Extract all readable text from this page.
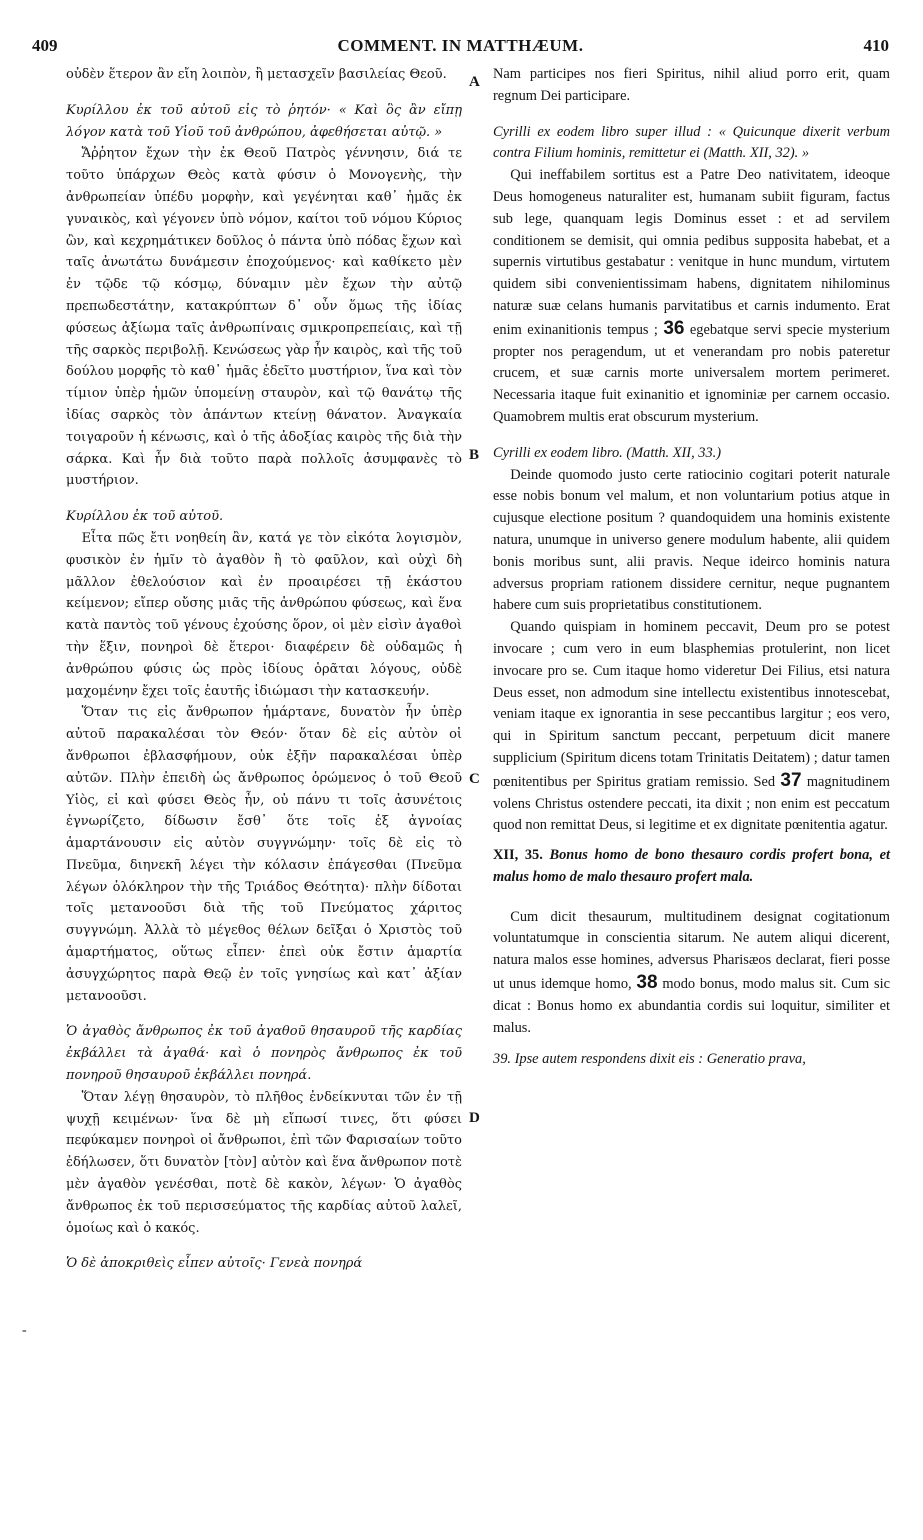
409	COMMENT. IN MATTHÆUM.	410

οὐδὲν ἕτερον ἂν εἴη λοιπὸν, ἢ μετασχεῖν βασιλείας Θεοῦ.

Κυρίλλου ἐκ τοῦ αὐτοῦ εἰς τὸ ῥητόν· « Καὶ ὃς ἂν εἴπῃ λόγον κατὰ τοῦ Υἱοῦ τοῦ ἀνθρώπου, ἀφεθήσεται αὐτῷ. »

Ἄῤῥητον ἔχων τὴν ἐκ Θεοῦ Πατρὸς γέννησιν, διά τε τοῦτο ὑπάρχων Θεὸς κατὰ φύσιν ὁ Μονογενὴς, τὴν ἀνθρωπείαν ὑπέδυ μορφὴν, καὶ γεγένηται καθ᾽ ἡμᾶς ἐκ γυναικὸς, καὶ γέγονεν ὑπὸ νόμον, καίτοι τοῦ νόμου Κύριος ὢν, καὶ κεχρημάτικεν δοῦλος ὁ πάντα ὑπὸ πόδας ἔχων καὶ ταῖς ἀνωτάτω δυνάμεσιν ἐποχούμενος· καὶ καθίκετο μὲν ἐν τῷδε τῷ κόσμῳ, δύναμιν μὲν ἔχων τὴν αὐτῷ πρεπωδεστάτην, κατακρύπτων δ᾽ οὖν ὅμως τῆς ἰδίας φύσεως ἀξίωμα ταῖς ἀνθρωπίναις σμικροπρεπείαις, καὶ τῇ τῆς σαρκὸς περιβολῇ. Κενώσεως γὰρ ἦν καιρὸς, καὶ τῆς τοῦ δούλου μορφῆς τὸ καθ᾽ ἡμᾶς ἐδεῖτο μυστήριον, ἵνα καὶ τὸν τίμιον ὑπὲρ ἡμῶν ὑπομείνῃ σταυρὸν, καὶ τῷ θανάτῳ τῆς ἰδίας σαρκὸς τὸν ἁπάντων κτείνῃ θάνατον. Ἀναγκαία τοιγαροῦν ἡ κένωσις, καὶ ὁ τῆς ἀδοξίας καιρὸς τῆς διὰ τὴν σάρκα. Καὶ ἦν διὰ τοῦτο παρὰ πολλοῖς ἀσυμφανὲς τὸ μυστήριον.

Κυρίλλου ἐκ τοῦ αὐτοῦ.

Εἶτα πῶς ἔτι νοηθείη ἂν, κατά γε τὸν εἰκότα λογισμὸν, φυσικὸν ἐν ἡμῖν τὸ ἀγαθὸν ἢ τὸ φαῦλον, καὶ οὐχὶ δὴ μᾶλλον ἐθελούσιον καὶ ἐν προαιρέσει τῇ ἑκάστου κείμενον; εἴπερ οὔσης μιᾶς τῆς ἀνθρώπου φύσεως, καὶ ἕνα κατὰ παντὸς τοῦ γένους ἐχούσης ὅρον, οἱ μὲν εἰσὶν ἀγαθοὶ τὴν ἕξιν, πονηροὶ δὲ ἕτεροι· διαφέρειν δὲ οὐδαμῶς ἡ ἀνθρώπου φύσις ὡς πρὸς ἰδίους ὁρᾶται λόγους, οὐδὲ μαχομένην ἔχει τοῖς ἑαυτῆς ἰδιώμασι τὴν κατασκευήν.

Ὅταν τις εἰς ἄνθρωπον ἡμάρτανε, δυνατὸν ἦν ὑπὲρ αὐτοῦ παρακαλέσαι τὸν Θεόν· ὅταν δὲ εἰς αὐτὸν οἱ ἄνθρωποι ἐβλασφήμουν, οὐκ ἐξῆν παρακαλέσαι ὑπὲρ αὐτῶν. Πλὴν ἐπειδὴ ὡς ἄνθρωπος ὁρώμενος ὁ τοῦ Θεοῦ Υἱὸς, εἰ καὶ φύσει Θεὸς ἦν, οὐ πάνυ τι τοῖς ἀσυνέτοις ἐγνωρίζετο, δίδωσιν ἔσθ᾽ ὅτε τοῖς ἐξ ἀγνοίας ἁμαρτάνουσιν εἰς αὐτὸν συγγνώμην· τοῖς δὲ εἰς τὸ Πνεῦμα, διηνεκῆ λέγει τὴν κόλασιν ἐπάγεσθαι (Πνεῦμα λέγων ὁλόκληρον τὴν τῆς Τριάδος Θεότητα)· πλὴν δίδοται τοῖς μετανοοῦσι διὰ τῆς τοῦ Πνεύματος χάριτος συγγνώμη. Ἀλλὰ τὸ μέγεθος θέλων δεῖξαι ὁ Χριστὸς τοῦ ἁμαρτήματος, οὕτως εἶπεν· ἐπεὶ οὐκ ἔστιν ἁμαρτία ἀσυγχώρητος παρὰ Θεῷ ἐν τοῖς γνησίως καὶ κατ᾽ ἀξίαν μετανοοῦσι.

Ὁ ἀγαθὸς ἄνθρωπος ἐκ τοῦ ἀγαθοῦ θησαυροῦ τῆς καρδίας ἐκβάλλει τὰ ἀγαθά· καὶ ὁ πονηρὸς ἄνθρωπος ἐκ τοῦ πονηροῦ θησαυροῦ ἐκβάλλει πονηρά.

Ὅταν λέγῃ θησαυρὸν, τὸ πλῆθος ἐνδείκνυται τῶν ἐν τῇ ψυχῇ κειμένων· ἵνα δὲ μὴ εἴπωσί τινες, ὅτι φύσει πεφύκαμεν πονηροὶ οἱ ἄνθρωποι, ἐπὶ τῶν Φαρισαίων τοῦτο ἐδήλωσεν, ὅτι δυνατὸν [τὸν] αὐτὸν καὶ ἕνα ἄνθρωπον ποτὲ μὲν ἀγαθὸν γενέσθαι, ποτὲ δὲ κακὸν, λέγων· Ὁ ἀγαθὸς ἄνθρωπος ἐκ τοῦ περισσεύματος τῆς καρδίας αὐτοῦ λαλεῖ, ὁμοίως καὶ ὁ κακός.

Ὁ δὲ ἀποκριθεὶς εἶπεν αὐτοῖς· Γενεὰ πονηρά

Nam participes nos fieri Spiritus, nihil aliud porro erit, quam regnum Dei participare.

Cyrilli ex eodem libro super illud : « Quicunque dixerit verbum contra Filium hominis, remittetur ei (Matth. XII, 32). »

Qui ineffabilem sortitus est a Patre Deo nativitatem, ideoque Deus homogeneus naturaliter est, humanam subiit figuram, factus sub lege, quanquam legis Dominus esset : et ad servilem conditionem se demisit, qui omnia pedibus supposita habebat, et a supernis virtutibus gestabatur : venitque in hunc mundum, virtutem quidem sibi convenientissimam habens, dignitatem nihilominus naturæ suæ celans humanis parvitatibus et carnis indumento. Erat enim exinanitionis tempus ; 36 egebatque servi specie mysterium propter nos peragendum, ut et venerandam pro nobis pateretur crucem, et suæ carnis morte universalem mortem perimeret. Necessaria itaque fuit exinanitio et ignominiæ per carnem occasio. Quamobrem multis erat obscurum mysterium.

Cyrilli ex eodem libro. (Matth. XII, 33.)

Deinde quomodo justo certe ratiocinio cogitari poterit naturale esse nobis bonum vel malum, et non voluntarium potius atque in cujusque electione positum ? quandoquidem una hominis existente natura, unumque in universo genere modulum habente, alii quidem bonis moribus sunt, alii pravis. Neque ideirco hominis natura adversus propriam rationem dissidere cernitur, neque pugnantem habere cum suis proprietatibus constitutionem.

Quando quispiam in hominem peccavit, Deum pro se potest invocare ; cum vero in eum blasphemias protulerint, non licet invocare pro se. Cum itaque homo videretur Dei Filius, etsi natura Deus esset, non admodum sine intellectu existentibus innotescebat, veniam itaque ex ignorantia in sese peccantibus largitur ; eos vero, qui in Spiritum sanctum peccant, perpetuum dicit manere supplicium (Spiritum dicens totam Trinitatis Deitatem) ; datur tamen pœnitentibus per Spiritus gratiam remissio. Sed 37 magnitudinem volens Christus ostendere peccati, ita dixit ; non enim est peccatum quod non remittat Deus, si legitime et ex dignitate pœnitentia agatur.

XII, 35. Bonus homo de bono thesauro cordis profert bona, et malus homo de malo thesauro profert mala.

Cum dicit thesaurum, multitudinem designat cogitationum voluntatumque in conscientia sitarum. Ne autem aliqui dicerent, natura malos esse homines, adversus Pharisæos declarat, fieri posse ut unus idemque homo, 38 modo bonus, modo malus sit. Cum sic dicat : Bonus homo ex abundantia cordis sui loquitur, similiter et malus.

39. Ipse autem respondens dixit eis : Generatio prava,

A
B
C
D
-
